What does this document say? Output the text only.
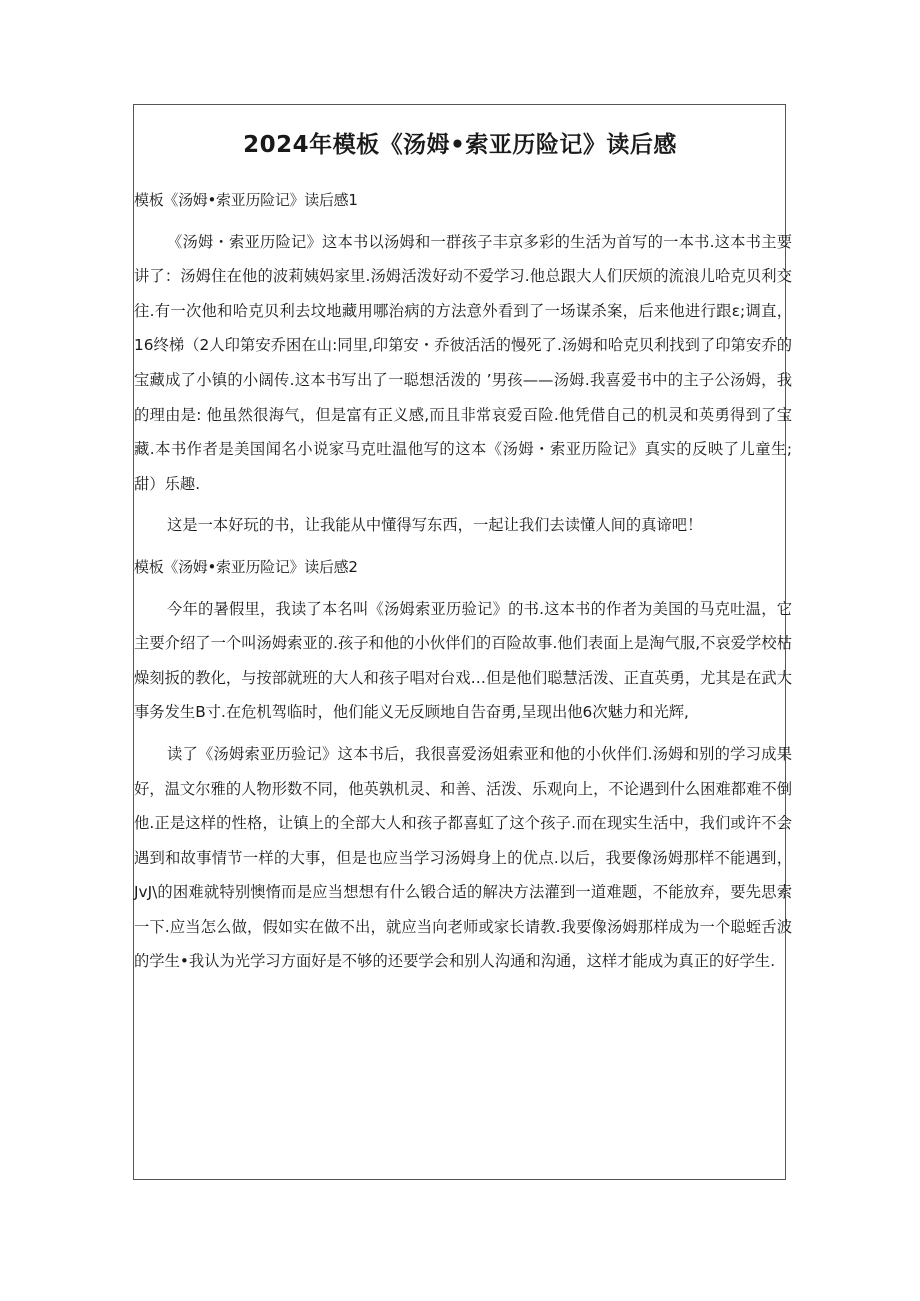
2024年模板《汤姆•索亚历险记》读后感

模板《汤姆•索亚历险记》读后感1

《汤姆・索亚历险记》这本书以汤姆和一群孩子丰京多彩的生活为首写的一本书.这本书主要讲了：汤姆住在他的波莉姨妈家里.汤姆活泼好动不爱学习.他总跟大人们厌烦的流浪儿哈克贝利交往.有一次他和哈克贝利去坟地藏用哪治病的方法意外看到了一场谋杀案，后来他进行跟ε;调直，16终梯（2人印第安乔困在山:同里,印第安・乔彼活活的慢死了.汤姆和哈克贝利找到了印第安乔的宝藏成了小镇的小阔传.这本书写出了一聪想活泼的 ’男孩——汤姆.我喜爱书中的主子公汤姆，我的理由是: 他虽然很海气，但是富有正义感,而且非常哀爱百险.他凭借自己的机灵和英勇得到了宝藏.本书作者是美国闻名小说家马克吐温他写的这本《汤姆・索亚历险记》真实的反映了儿童生;甜）乐趣.

这是一本好玩的书，让我能从中懂得写东西，一起让我们去读懂人间的真谛吧！

模板《汤姆•索亚历险记》读后感2

今年的暑假里，我读了本名叫《汤姆索亚历验记》的书.这本书的作者为美国的马克吐温，它主要介绍了一个叫汤姆索亚的.孩子和他的小伙伴们的百险故事.他们表面上是淘气服,不哀爱学校枯燥刻扳的教化，与按部就班的大人和孩子唱对台戏…但是他们聪慧活泼、正直英勇，尤其是在武大事务发生B寸.在危机驾临时，他们能义无反顾地自告奋勇,呈现出他6次魅力和光辉,

读了《汤姆索亚历验记》这本书后，我很喜爱汤姐索亚和他的小伙伴们.汤姆和别的学习成果好，温文尔雅的人物形数不同，他英孰机灵、和善、活泼、乐观向上，不论遇到什么困难都难不倒他.正是这样的性格，让镇上的全部大人和孩子都喜虹了这个孩子.而在现实生活中，我们或许不会遇到和故事情节一样的大事，但是也应当学习汤姆身上的优点.以后，我要像汤姆那样不能遇到，JvJ\的困难就特别懊惰而是应当想想有什么锻合适的解决方法灌到一道难题，不能放弃，要先思索一下.应当怎么做，假如实在做不出，就应当向老师或家长请教.我要像汤姆那样成为一个聪蛭舌波的学生•我认为光学习方面好是不够的还要学会和别人沟通和沟通，这样才能成为真正的好学生.
